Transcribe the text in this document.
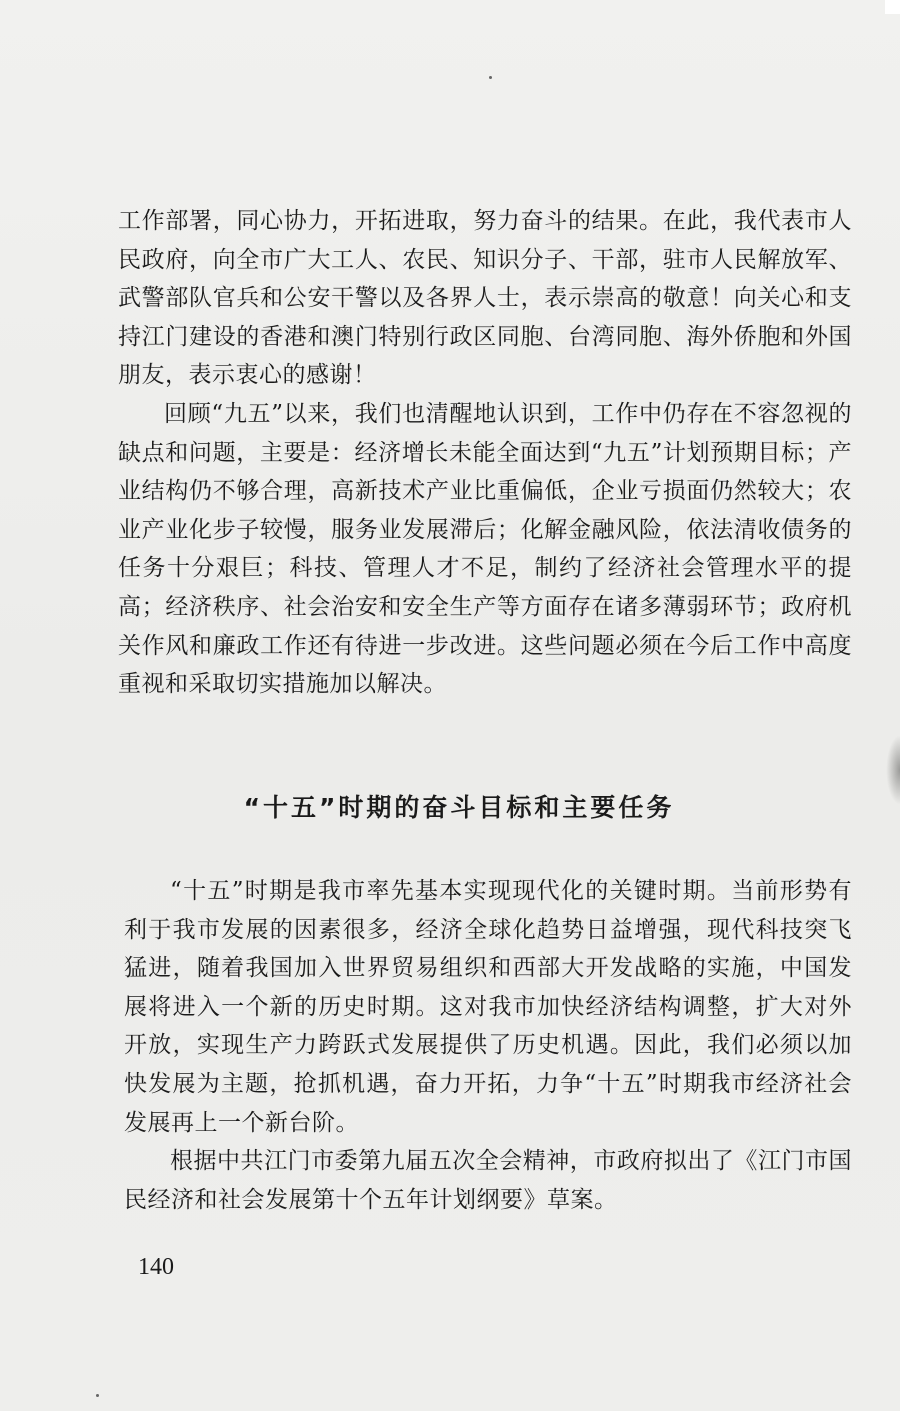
工作部署，同心协力，开拓进取，努力奋斗的结果。在此，我代表市人民政府，向全市广大工人、农民、知识分子、干部，驻市人民解放军、武警部队官兵和公安干警以及各界人士，表示崇高的敬意！向关心和支持江门建设的香港和澳门特别行政区同胞、台湾同胞、海外侨胞和外国朋友，表示衷心的感谢！

回顾“九五”以来，我们也清醒地认识到，工作中仍存在不容忽视的缺点和问题，主要是：经济增长未能全面达到“九五”计划预期目标；产业结构仍不够合理，高新技术产业比重偏低，企业亏损面仍然较大；农业产业化步子较慢，服务业发展滞后；化解金融风险，依法清收债务的任务十分艰巨；科技、管理人才不足，制约了经济社会管理水平的提高；经济秩序、社会治安和安全生产等方面存在诸多薄弱环节；政府机关作风和廉政工作还有待进一步改进。这些问题必须在今后工作中高度重视和采取切实措施加以解决。

“十五”时期的奋斗目标和主要任务

“十五”时期是我市率先基本实现现代化的关键时期。当前形势有利于我市发展的因素很多，经济全球化趋势日益增强，现代科技突飞猛进，随着我国加入世界贸易组织和西部大开发战略的实施，中国发展将进入一个新的历史时期。这对我市加快经济结构调整，扩大对外开放，实现生产力跨跃式发展提供了历史机遇。因此，我们必须以加快发展为主题，抢抓机遇，奋力开拓，力争“十五”时期我市经济社会发展再上一个新台阶。

根据中共江门市委第九届五次全会精神，市政府拟出了《江门市国民经济和社会发展第十个五年计划纲要》草案。

140
